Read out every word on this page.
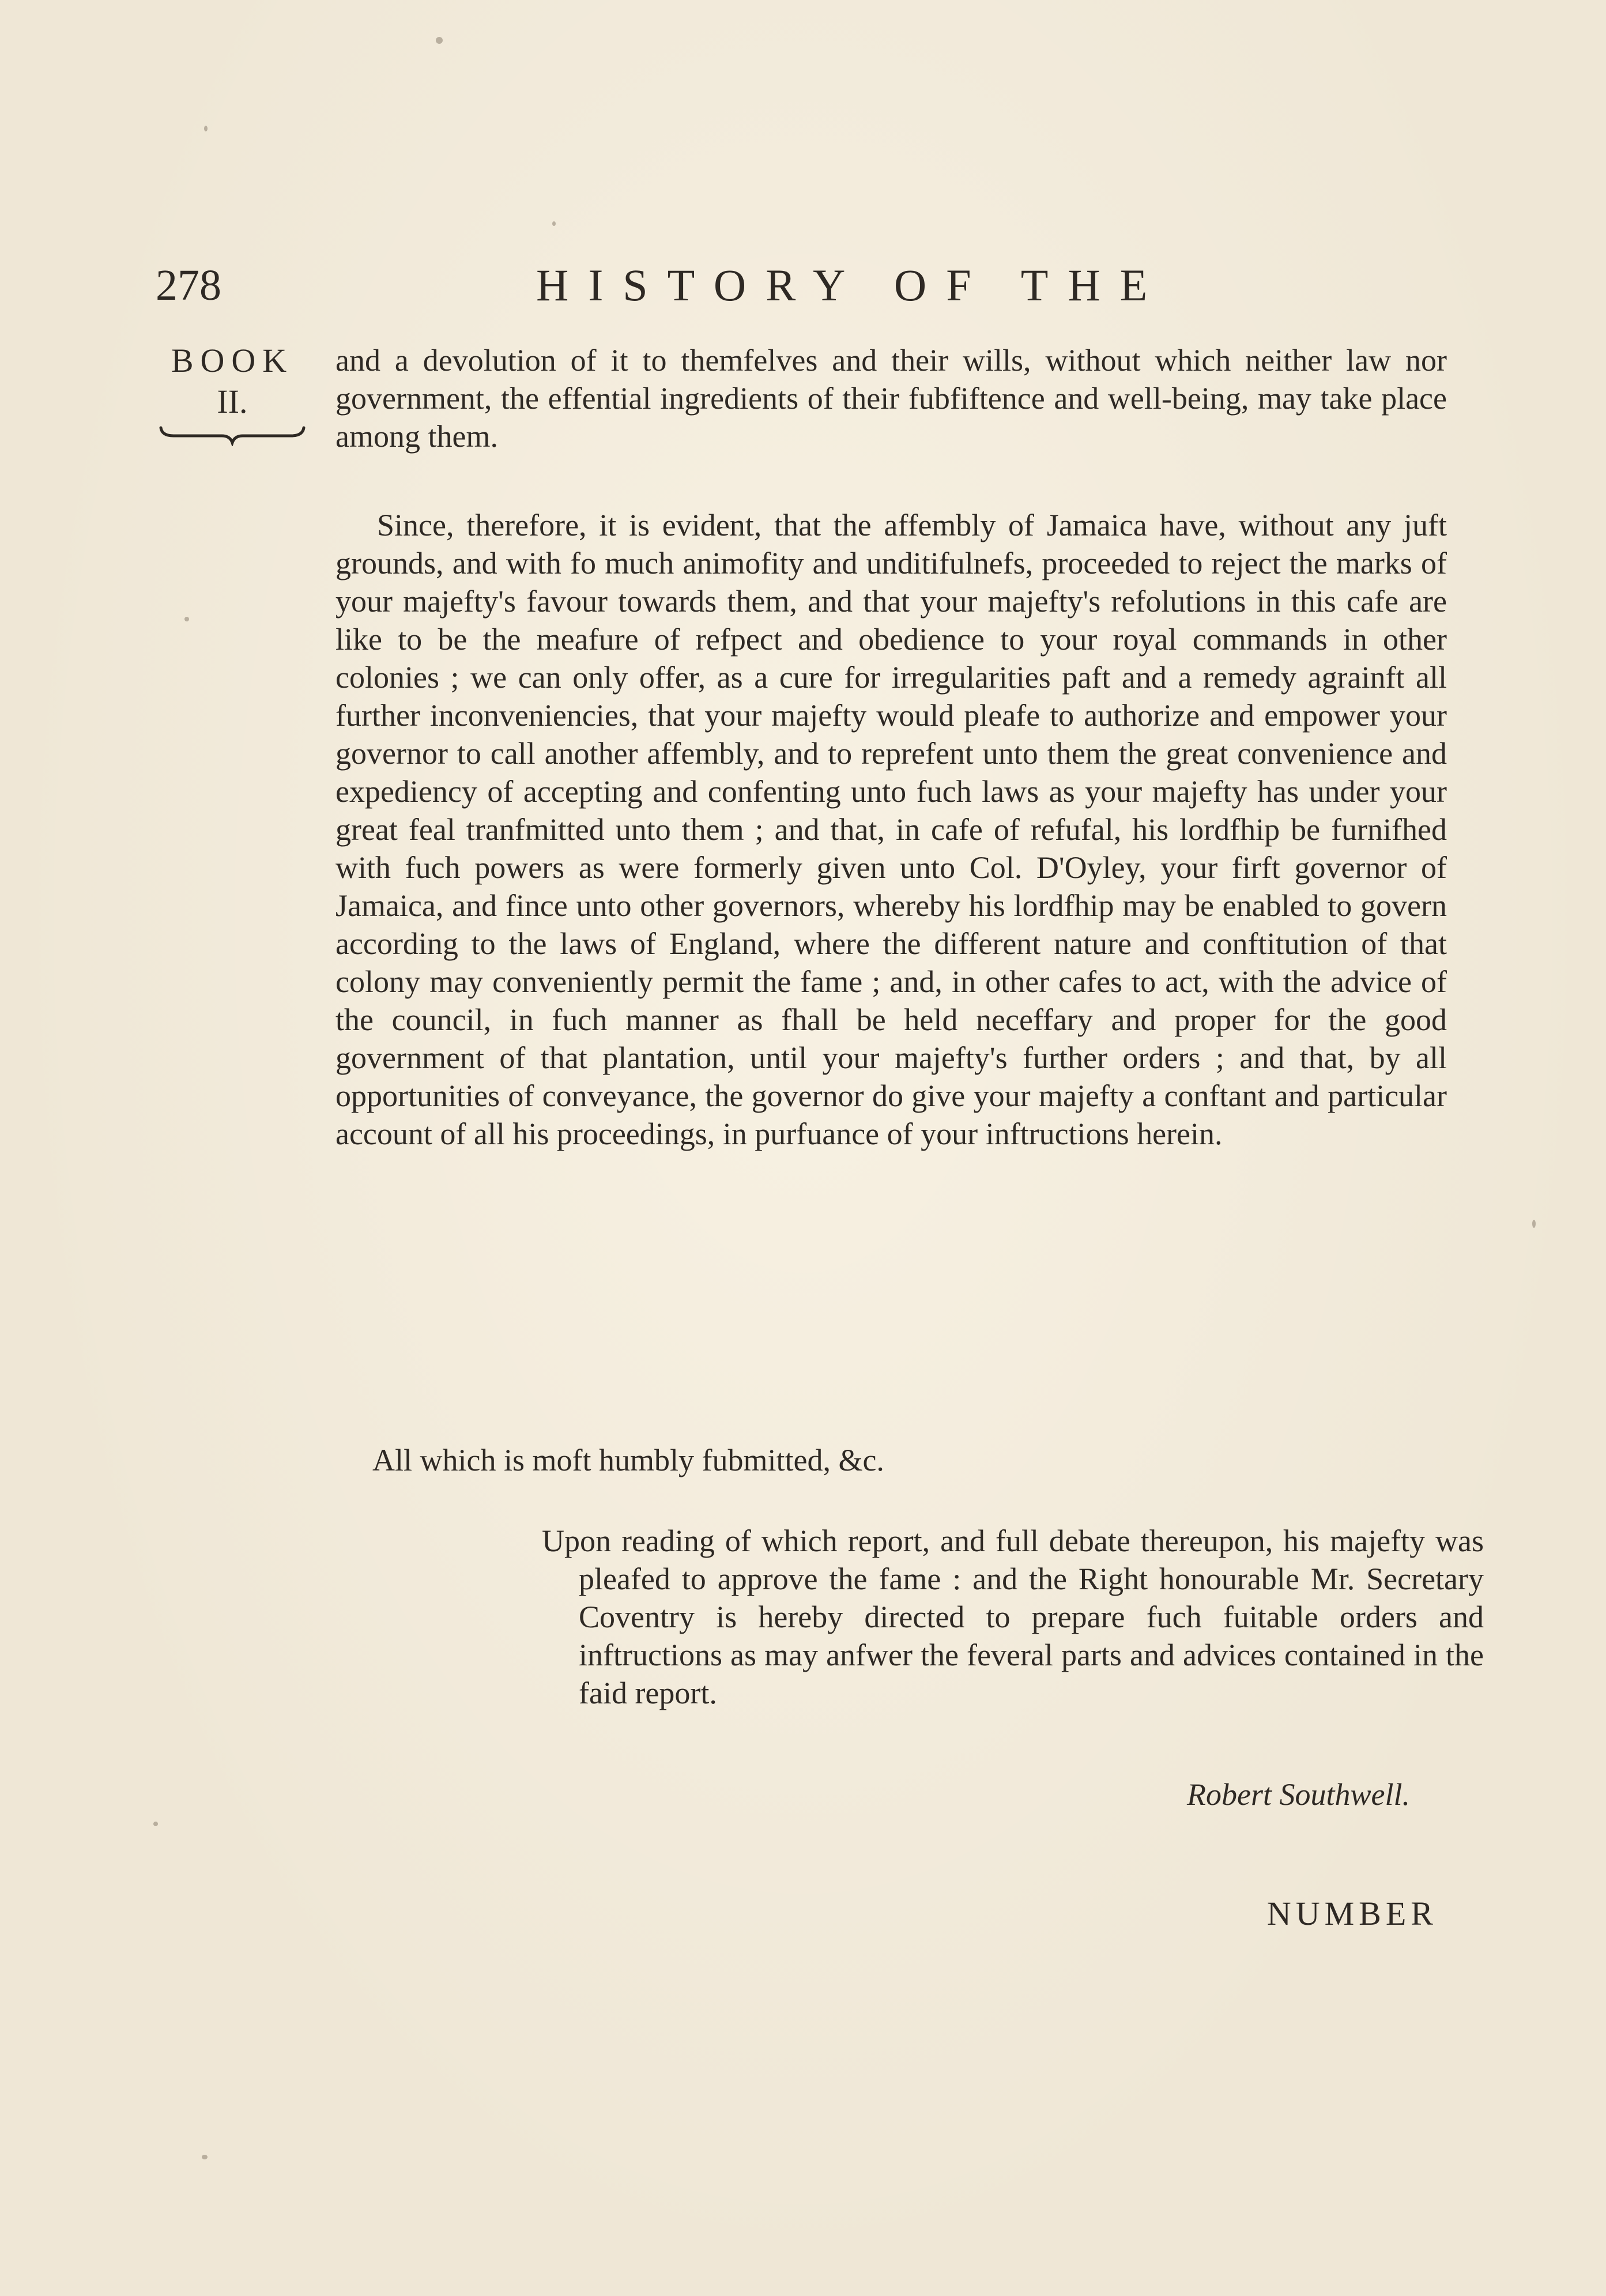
278	HISTORY OF THE
BOOK
II.

and a devolution of it to themfelves and their wills, without which neither law nor government, the effential ingredients of their fubfiftence and well-being, may take place among them.

Since, therefore, it is evident, that the affembly of Jamaica have, without any juft grounds, and with fo much animofity and unditifulnefs, proceeded to reject the marks of your majefty's favour towards them, and that your majefty's refolutions in this cafe are like to be the meafure of refpect and obedience to your royal commands in other colonies ; we can only offer, as a cure for irregularities paft and a remedy agrainft all further inconveniencies, that your majefty would pleafe to authorize and empower your governor to call another affembly, and to reprefent unto them the great convenience and expediency of accepting and confenting unto fuch laws as your majefty has under your great feal tranfmitted unto them ; and that, in cafe of refufal, his lordfhip be furnifhed with fuch powers as were formerly given unto Col. D'Oyley, your firft governor of Jamaica, and fince unto other governors, whereby his lordfhip may be enabled to govern according to the laws of England, where the different nature and conftitution of that colony may conveniently permit the fame ; and, in other cafes to act, with the advice of the council, in fuch manner as fhall be held neceffary and proper for the good government of that plantation, until your majefty's further orders ; and that, by all opportunities of conveyance, the governor do give your majefty a conftant and particular account of all his proceedings, in purfuance of your inftructions herein.

All which is moft humbly fubmitted, &c.

Upon reading of which report, and full debate thereupon, his majefty was pleafed to approve the fame : and the Right honourable Mr. Secretary Coventry is hereby directed to prepare fuch fuitable orders and inftructions as may anfwer the feveral parts and advices contained in the faid report.

Robert Southwell.
NUMBER
